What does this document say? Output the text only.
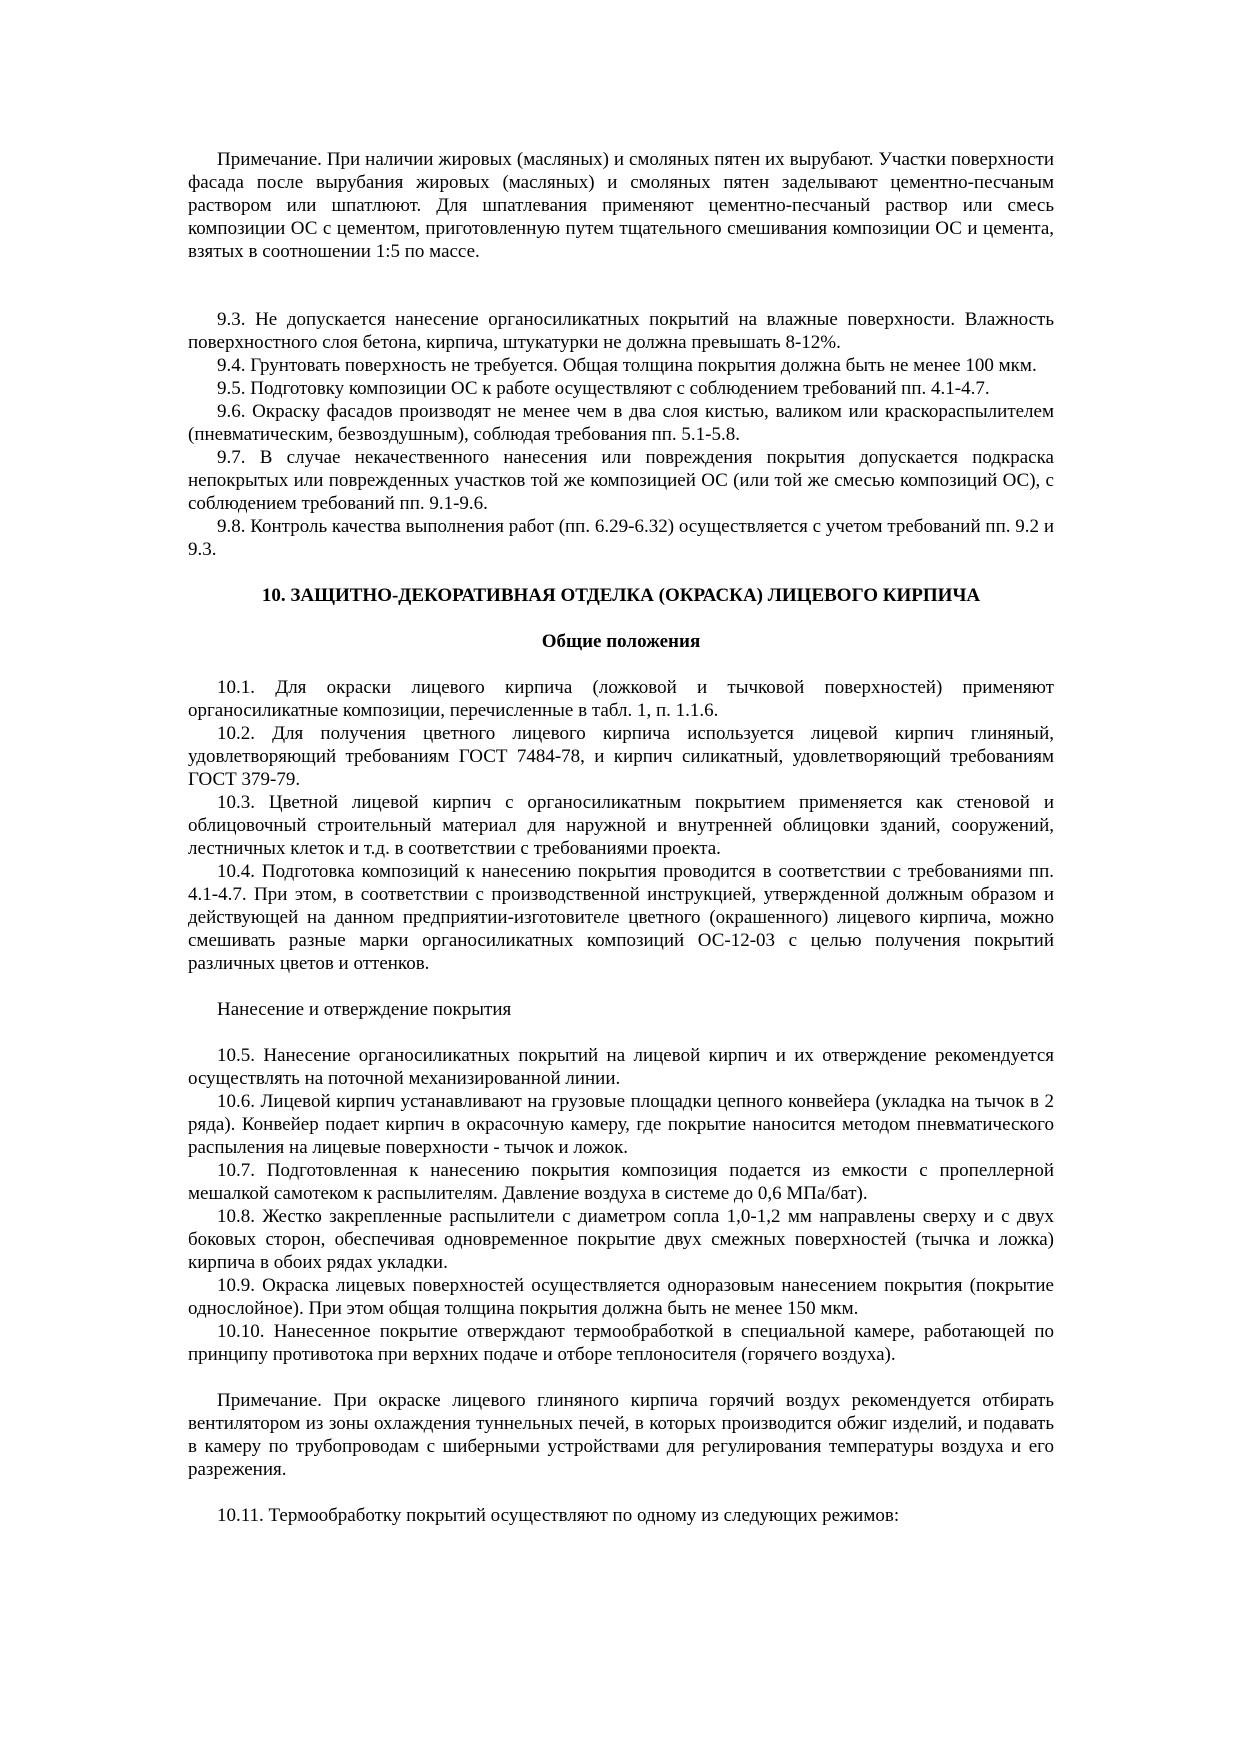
Примечание. При наличии жировых (масляных) и смоляных пятен их вырубают. Участки поверхности фасада после вырубания жировых (масляных) и смоляных пятен заделывают цементно-песчаным раствором или шпатлюют. Для шпатлевания применяют цементно-песчаный раствор или смесь композиции ОС с цементом, приготовленную путем тщательного смешивания композиции ОС и цемента, взятых в соотношении 1:5 по массе.

9.3. Не допускается нанесение органосиликатных покрытий на влажные поверхности. Влажность поверхностного слоя бетона, кирпича, штукатурки не должна превышать 8-12%.

9.4. Грунтовать поверхность не требуется. Общая толщина покрытия должна быть не менее 100 мкм.

9.5. Подготовку композиции ОС к работе осуществляют с соблюдением требований пп. 4.1-4.7.

9.6. Окраску фасадов производят не менее чем в два слоя кистью, валиком или краскораспылителем (пневматическим, безвоздушным), соблюдая требования пп. 5.1-5.8.

9.7. В случае некачественного нанесения или повреждения покрытия допускается подкраска непокрытых или поврежденных участков той же композицией ОС (или той же смесью композиций ОС), с соблюдением требований пп. 9.1-9.6.

9.8. Контроль качества выполнения работ (пп. 6.29-6.32) осуществляется с учетом требований пп. 9.2 и 9.3.

10. ЗАЩИТНО-ДЕКОРАТИВНАЯ ОТДЕЛКА (ОКРАСКА) ЛИЦЕВОГО КИРПИЧА

Общие положения

10.1. Для окраски лицевого кирпича (ложковой и тычковой поверхностей) применяют органосиликатные композиции, перечисленные в табл. 1, п. 1.1.6.

10.2. Для получения цветного лицевого кирпича используется лицевой кирпич глиняный, удовлетворяющий требованиям ГОСТ 7484-78, и кирпич силикатный, удовлетворяющий требованиям ГОСТ 379-79.

10.3. Цветной лицевой кирпич с органосиликатным покрытием применяется как стеновой и облицовочный строительный материал для наружной и внутренней облицовки зданий, сооружений, лестничных клеток и т.д. в соответствии с требованиями проекта.

10.4. Подготовка композиций к нанесению покрытия проводится в соответствии с требованиями пп. 4.1-4.7. При этом, в соответствии с производственной инструкцией, утвержденной должным образом и действующей на данном предприятии-изготовителе цветного (окрашенного) лицевого кирпича, можно смешивать разные марки органосиликатных композиций ОС-12-03 с целью получения покрытий различных цветов и оттенков.

Нанесение и отверждение покрытия

10.5. Нанесение органосиликатных покрытий на лицевой кирпич и их отверждение рекомендуется осуществлять на поточной механизированной линии.

10.6. Лицевой кирпич устанавливают на грузовые площадки цепного конвейера (укладка на тычок в 2 ряда). Конвейер подает кирпич в окрасочную камеру, где покрытие наносится методом пневматического распыления на лицевые поверхности - тычок и ложок.

10.7. Подготовленная к нанесению покрытия композиция подается из емкости с пропеллерной мешалкой самотеком к распылителям. Давление воздуха в системе до 0,6 МПа/бат).

10.8. Жестко закрепленные распылители с диаметром сопла 1,0-1,2 мм направлены сверху и с двух боковых сторон, обеспечивая одновременное покрытие двух смежных поверхностей (тычка и ложка) кирпича в обоих рядах укладки.

10.9. Окраска лицевых поверхностей осуществляется одноразовым нанесением покрытия (покрытие однослойное). При этом общая толщина покрытия должна быть не менее 150 мкм.

10.10. Нанесенное покрытие отверждают термообработкой в специальной камере, работающей по принципу противотока при верхних подаче и отборе теплоносителя (горячего воздуха).

Примечание. При окраске лицевого глиняного кирпича горячий воздух рекомендуется отбирать вентилятором из зоны охлаждения туннельных печей, в которых производится обжиг изделий, и подавать в камеру по трубопроводам с шиберными устройствами для регулирования температуры воздуха и его разрежения.

10.11. Термообработку покрытий осуществляют по одному из следующих режимов:
